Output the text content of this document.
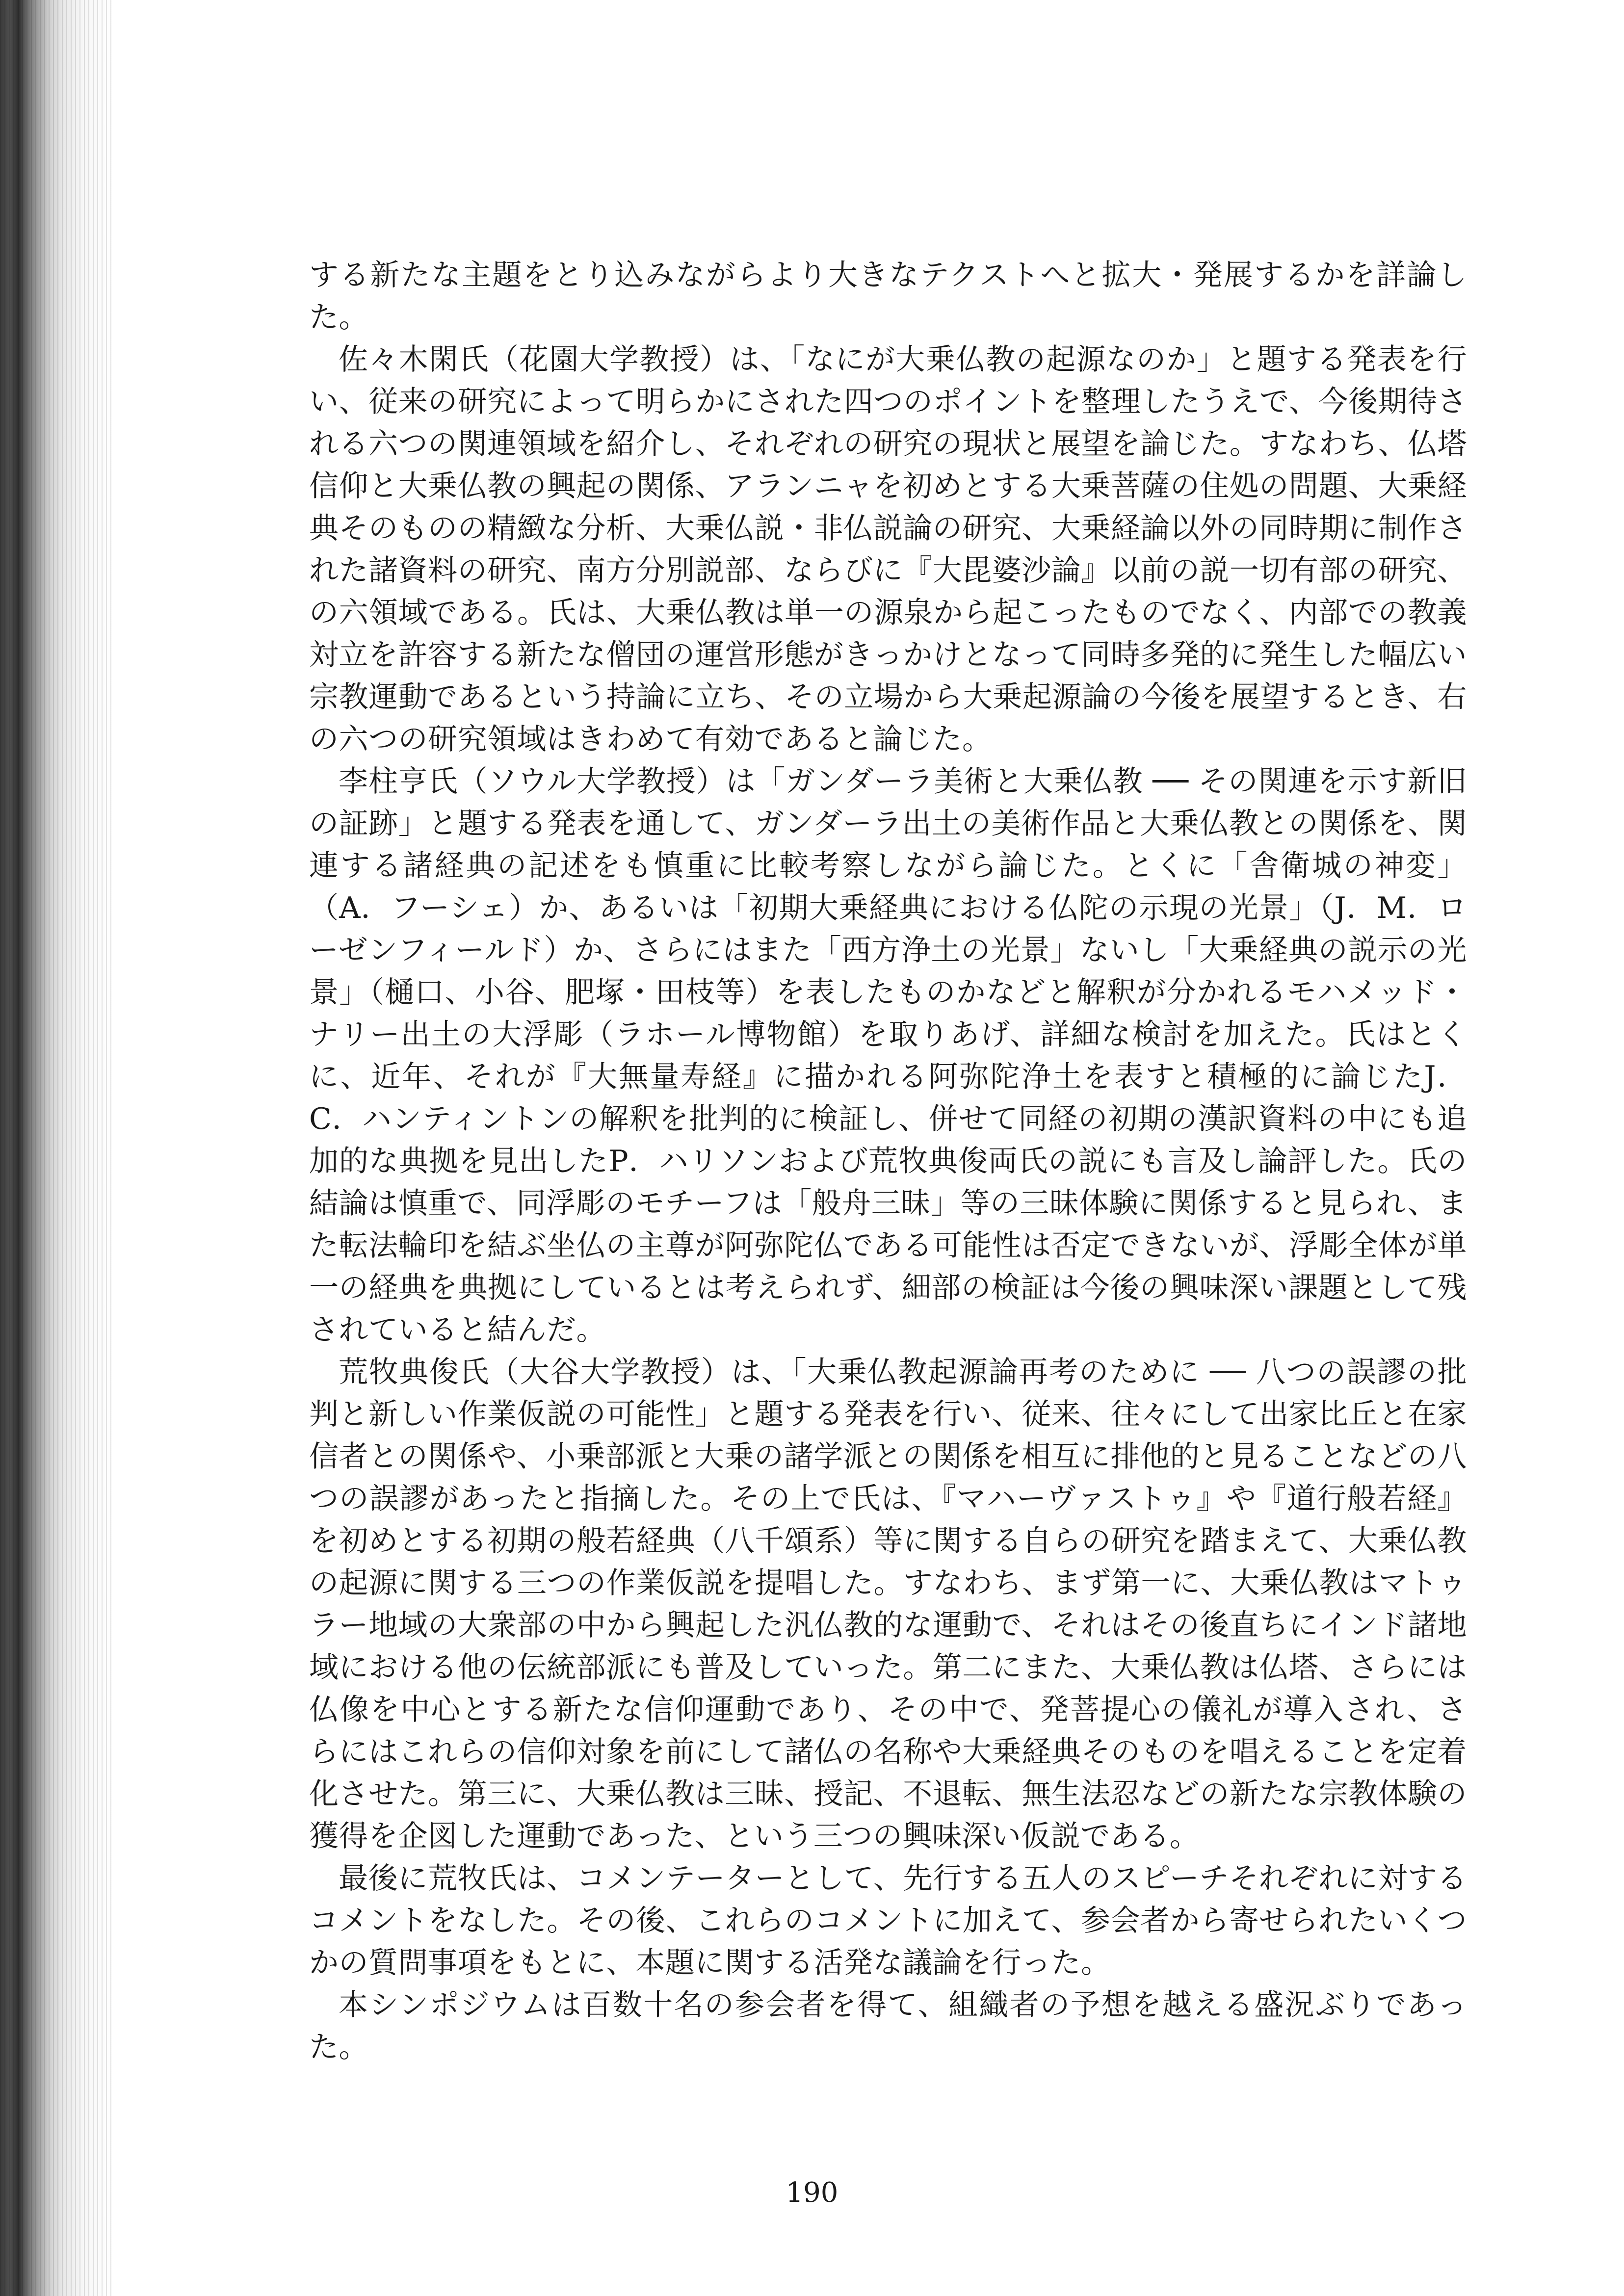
する新たな主題をとり込みながらより大きなテクストへと拡大・発展するかを詳論した。

佐々木閑氏（花園大学教授）は、「なにが大乗仏教の起源なのか」と題する発表を行い、従来の研究によって明らかにされた四つのポイントを整理したうえで、今後期待される六つの関連領域を紹介し、それぞれの研究の現状と展望を論じた。すなわち、仏塔信仰と大乗仏教の興起の関係、アランニャを初めとする大乗菩薩の住処の問題、大乗経典そのものの精緻な分析、大乗仏説・非仏説論の研究、大乗経論以外の同時期に制作された諸資料の研究、南方分別説部、ならびに『大毘婆沙論』以前の説一切有部の研究、の六領域である。氏は、大乗仏教は単一の源泉から起こったものでなく、内部での教義対立を許容する新たな僧団の運営形態がきっかけとなって同時多発的に発生した幅広い宗教運動であるという持論に立ち、その立場から大乗起源論の今後を展望するとき、右の六つの研究領域はきわめて有効であると論じた。

李柱亨氏（ソウル大学教授）は「ガンダーラ美術と大乗仏教 ── その関連を示す新旧の証跡」と題する発表を通して、ガンダーラ出土の美術作品と大乗仏教との関係を、関連する諸経典の記述をも慎重に比較考察しながら論じた。とくに「舎衛城の神変」（A．フーシェ）か、あるいは「初期大乗経典における仏陀の示現の光景」（J．M．ローゼンフィールド）か、さらにはまた「西方浄土の光景」ないし「大乗経典の説示の光景」（樋口、小谷、肥塚・田枝等）を表したものかなどと解釈が分かれるモハメッド・ナリー出土の大浮彫（ラホール博物館）を取りあげ、詳細な検討を加えた。氏はとくに、近年、それが『大無量寿経』に描かれる阿弥陀浄土を表すと積極的に論じたJ．C．ハンティントンの解釈を批判的に検証し、併せて同経の初期の漢訳資料の中にも追加的な典拠を見出したP．ハリソンおよび荒牧典俊両氏の説にも言及し論評した。氏の結論は慎重で、同浮彫のモチーフは「般舟三昧」等の三昧体験に関係すると見られ、また転法輪印を結ぶ坐仏の主尊が阿弥陀仏である可能性は否定できないが、浮彫全体が単一の経典を典拠にしているとは考えられず、細部の検証は今後の興味深い課題として残されていると結んだ。

荒牧典俊氏（大谷大学教授）は、「大乗仏教起源論再考のために ── 八つの誤謬の批判と新しい作業仮説の可能性」と題する発表を行い、従来、往々にして出家比丘と在家信者との関係や、小乗部派と大乗の諸学派との関係を相互に排他的と見ることなどの八つの誤謬があったと指摘した。その上で氏は、『マハーヴァストゥ』や『道行般若経』を初めとする初期の般若経典（八千頌系）等に関する自らの研究を踏まえて、大乗仏教の起源に関する三つの作業仮説を提唱した。すなわち、まず第一に、大乗仏教はマトゥラー地域の大衆部の中から興起した汎仏教的な運動で、それはその後直ちにインド諸地域における他の伝統部派にも普及していった。第二にまた、大乗仏教は仏塔、さらには仏像を中心とする新たな信仰運動であり、その中で、発菩提心の儀礼が導入され、さらにはこれらの信仰対象を前にして諸仏の名称や大乗経典そのものを唱えることを定着化させた。第三に、大乗仏教は三昧、授記、不退転、無生法忍などの新たな宗教体験の獲得を企図した運動であった、という三つの興味深い仮説である。

最後に荒牧氏は、コメンテーターとして、先行する五人のスピーチそれぞれに対するコメントをなした。その後、これらのコメントに加えて、参会者から寄せられたいくつかの質問事項をもとに、本題に関する活発な議論を行った。

本シンポジウムは百数十名の参会者を得て、組織者の予想を越える盛況ぶりであった。

190
